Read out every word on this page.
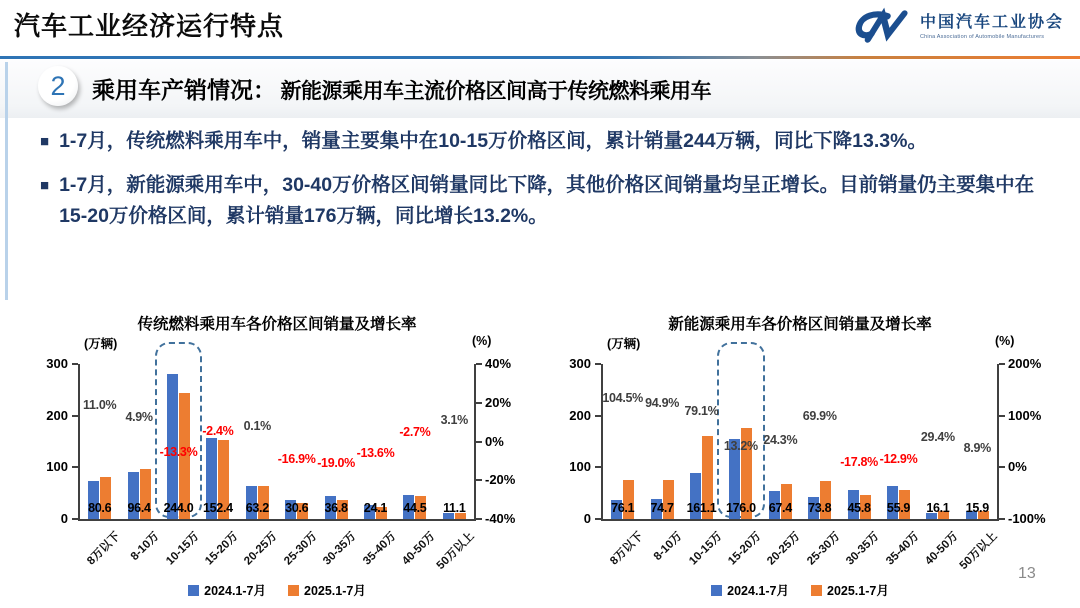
汽车工业经济运行特点	中国汽车工业协会
China Association of Automobile Manufacturers
2	乘用车产销情况： 新能源乘用车主流价格区间高于传统燃料乘用车
■ 1-7月，传统燃料乘用车中，销量主要集中在10-15万价格区间，累计销量244万辆，同比下降13.3%。
■ 1-7月，新能源乘用车中，30-40万价格区间销量同比下降，其他价格区间销量均呈正增长。目前销量仍主要集中在15-20万价格区间，累计销量176万辆，同比增长13.2%。
传统燃料乘用车各价格区间销量及增长率
(万辆)	(%)
300
200
100
0
40%
20%
0%
-20%
-40%
80.6	96.4	244.0 152.4	63.2	30.6	36.8	24.1	44.5	11.1
11.0%
4.9%
-13.3%
-2.4% 0.1%
-16.9% -19.0%
-13.6%
-2.7%
3.1%
8万以下 8-10万 10-15万 15-20万 20-25万 25-30万 30-35万 35-40万 40-50万
50万以上
2024.1-7月	2025.1-7月
新能源乘用车各价格区间销量及增长率
(万辆)	(%)
300
200
100
0
200%
100%
0%
-100%
76.1	74.7	161.1 176.0	67.4	73.8	45.8	55.9	16.1	15.9
104.5% 94.9%
79.1%
13.2% 24.3%
69.9%
-17.8% -12.9%
29.4%
8.9%
8万以下 8-10万 10-15万 15-20万 20-25万 25-30万 30-35万 35-40万 40-50万
50万以上
2024.1-7月	2025.1-7月
13
